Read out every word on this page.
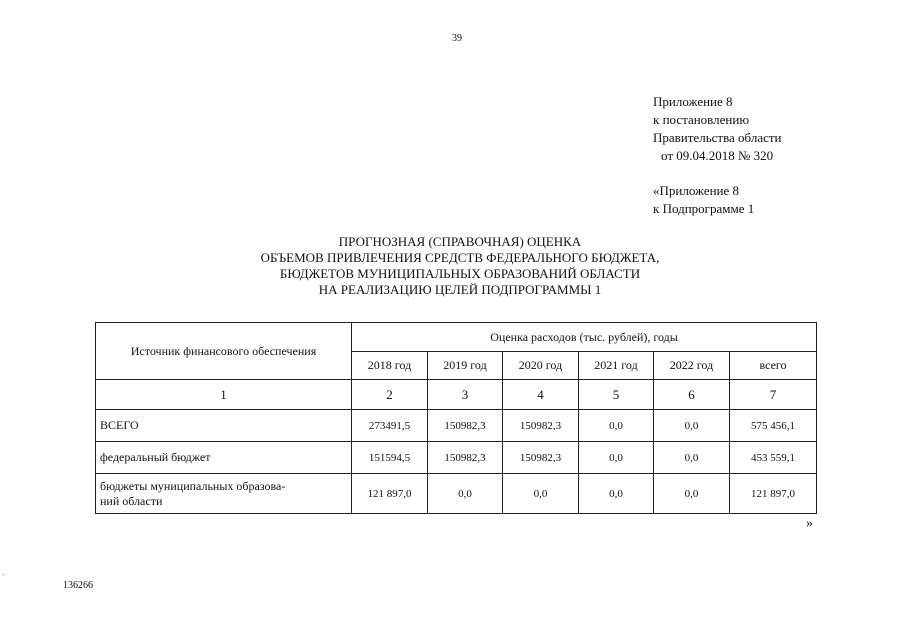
39
Приложение 8
к постановлению
Правительства области
от 09.04.2018 № 320
«Приложение 8
к Подпрограмме 1
ПРОГНОЗНАЯ (СПРАВОЧНАЯ) ОЦЕНКА
ОБЪЕМОВ ПРИВЛЕЧЕНИЯ СРЕДСТВ ФЕДЕРАЛЬНОГО БЮДЖЕТА,
БЮДЖЕТОВ МУНИЦИПАЛЬНЫХ ОБРАЗОВАНИЙ ОБЛАСТИ
НА РЕАЛИЗАЦИЮ ЦЕЛЕЙ ПОДПРОГРАММЫ 1
Источник финансового обеспечения	Оценка расходов (тыс. рублей), годы					
	2018 год	2019 год	2020 год	2021 год	2022 год	всего
1	2	3	4	5	6	7
ВСЕГО	273491,5	150982,3	150982,3	0,0	0,0	575 456,1
федеральный бюджет	151594,5	150982,3	150982,3	0,0	0,0	453 559,1

бюджеты муниципальных образова-
ний области	121 897,0	0,0	0,0	0,0	0,0	121 897,0
»
-
136266
